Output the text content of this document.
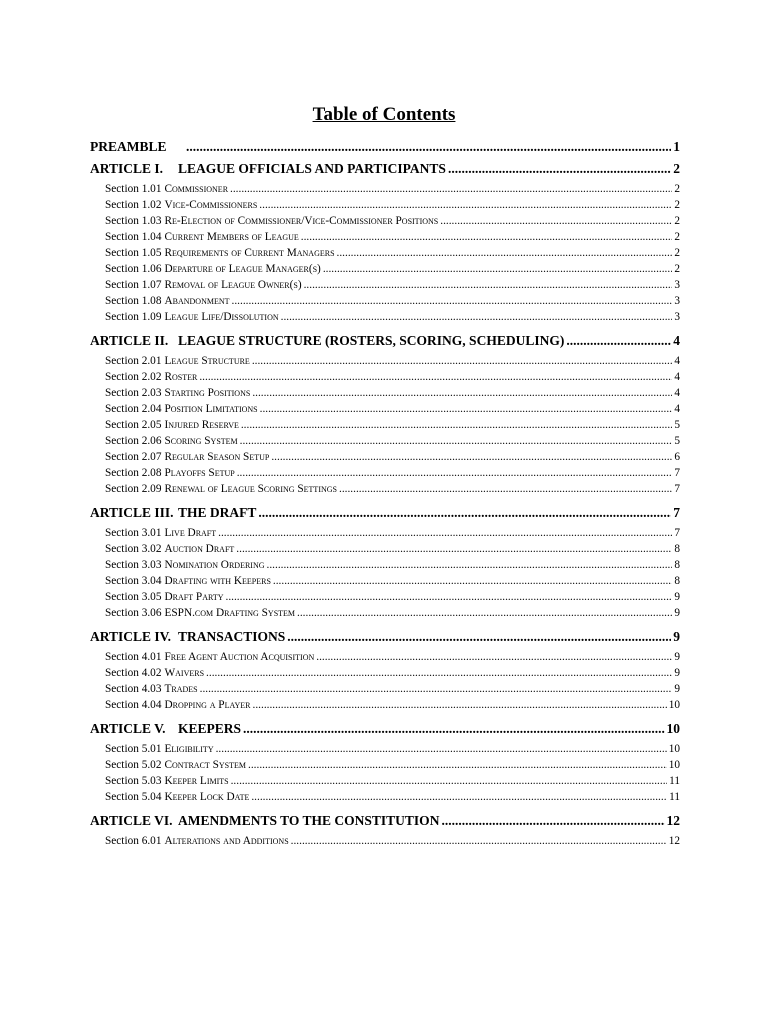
Table of Contents
PREAMBLE .....	1
ARTICLE I.	LEAGUE OFFICIALS AND PARTICIPANTS .....	2
Section 1.01 Commissioner .....	2
Section 1.02 Vice-Commissioners .....	2
Section 1.03 Re-Election of Commissioner/Vice-Commissioner Positions .....	2
Section 1.04 Current Members of League .....	2
Section 1.05 Requirements of Current Managers .....	2
Section 1.06 Departure of League Manager(s) .....	2
Section 1.07 Removal of League Owner(s) .....	3
Section 1.08 Abandonment .....	3
Section 1.09 League Life/Dissolution .....	3
ARTICLE II. LEAGUE STRUCTURE (ROSTERS, SCORING, SCHEDULING) .....	4
Section 2.01 League Structure .....	4
Section 2.02 Roster .....	4
Section 2.03 Starting Positions .....	4
Section 2.04 Position Limitations .....	4
Section 2.05 Injured Reserve .....	5
Section 2.06 Scoring System .....	5
Section 2.07 Regular Season Setup .....	6
Section 2.08 Playoffs Setup .....	7
Section 2.09 Renewal of League Scoring Settings .....	7
ARTICLE III. THE DRAFT .....	7
Section 3.01 Live Draft .....	7
Section 3.02 Auction Draft .....	8
Section 3.03 Nomination Ordering .....	8
Section 3.04 Drafting with Keepers .....	8
Section 3.05 Draft Party .....	9
Section 3.06 ESPN.com Drafting System .....	9
ARTICLE IV. TRANSACTIONS .....	9
Section 4.01 Free Agent Auction Acquisition .....	9
Section 4.02 Waivers .....	9
Section 4.03 Trades .....	9
Section 4.04 Dropping a Player .....	10
ARTICLE V. KEEPERS .....	10
Section 5.01 Eligibility .....	10
Section 5.02 Contract System .....	10
Section 5.03 Keeper Limits .....	11
Section 5.04 Keeper Lock Date .....	11
ARTICLE VI. AMENDMENTS TO THE CONSTITUTION .....	12
Section 6.01 Alterations and Additions .....	12
